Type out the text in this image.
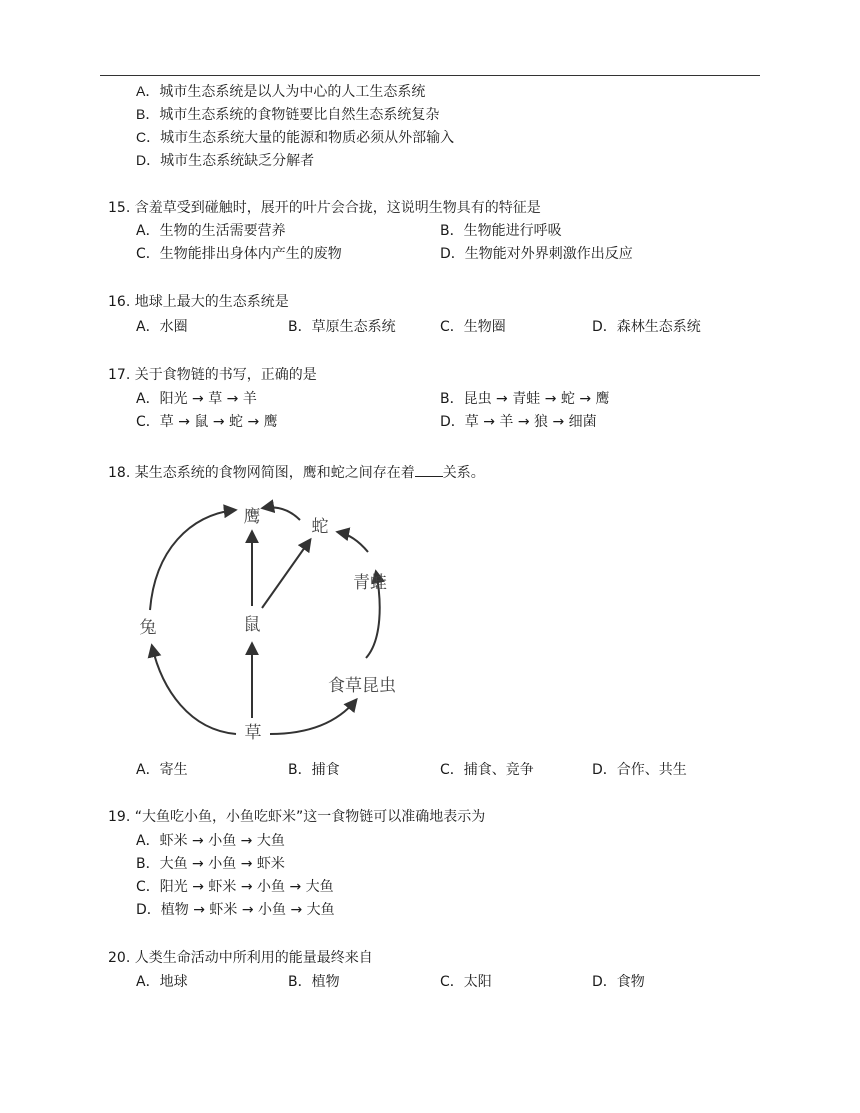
A．城市生态系统是以人为中心的人工生态系统
B．城市生态系统的食物链要比自然生态系统复杂
C．城市生态系统大量的能源和物质必须从外部输入
D．城市生态系统缺乏分解者
15. 含羞草受到碰触时，展开的叶片会合拢，这说明生物具有的特征是
A．生物的生活需要营养	B．生物能进行呼吸
C．生物能排出身体内产生的废物	D．生物能对外界刺激作出反应
16. 地球上最大的生态系统是
A．水圈	B．草原生态系统	C．生物圈	D．森林生态系统
17. 关于食物链的书写，正确的是
A．阳光 → 草 → 羊	B．昆虫 → 青蛙 → 蛇 → 鹰
C．草 → 鼠 → 蛇 → 鹰	D．草 → 羊 → 狼 → 细菌
18. 某生态系统的食物网简图，鹰和蛇之间存在着 关系。
鹰	蛇
青蛙
兔	鼠
食草昆虫
草
A．寄生	B．捕食	C．捕食、竞争	D．合作、共生
19. “大鱼吃小鱼，小鱼吃虾米”这一食物链可以准确地表示为
A．虾米 → 小鱼 → 大鱼
B．大鱼 → 小鱼 → 虾米
C．阳光 → 虾米 → 小鱼 → 大鱼
D．植物 → 虾米 → 小鱼 → 大鱼
20. 人类生命活动中所利用的能量最终来自
A．地球	B．植物	C．太阳	D．食物
